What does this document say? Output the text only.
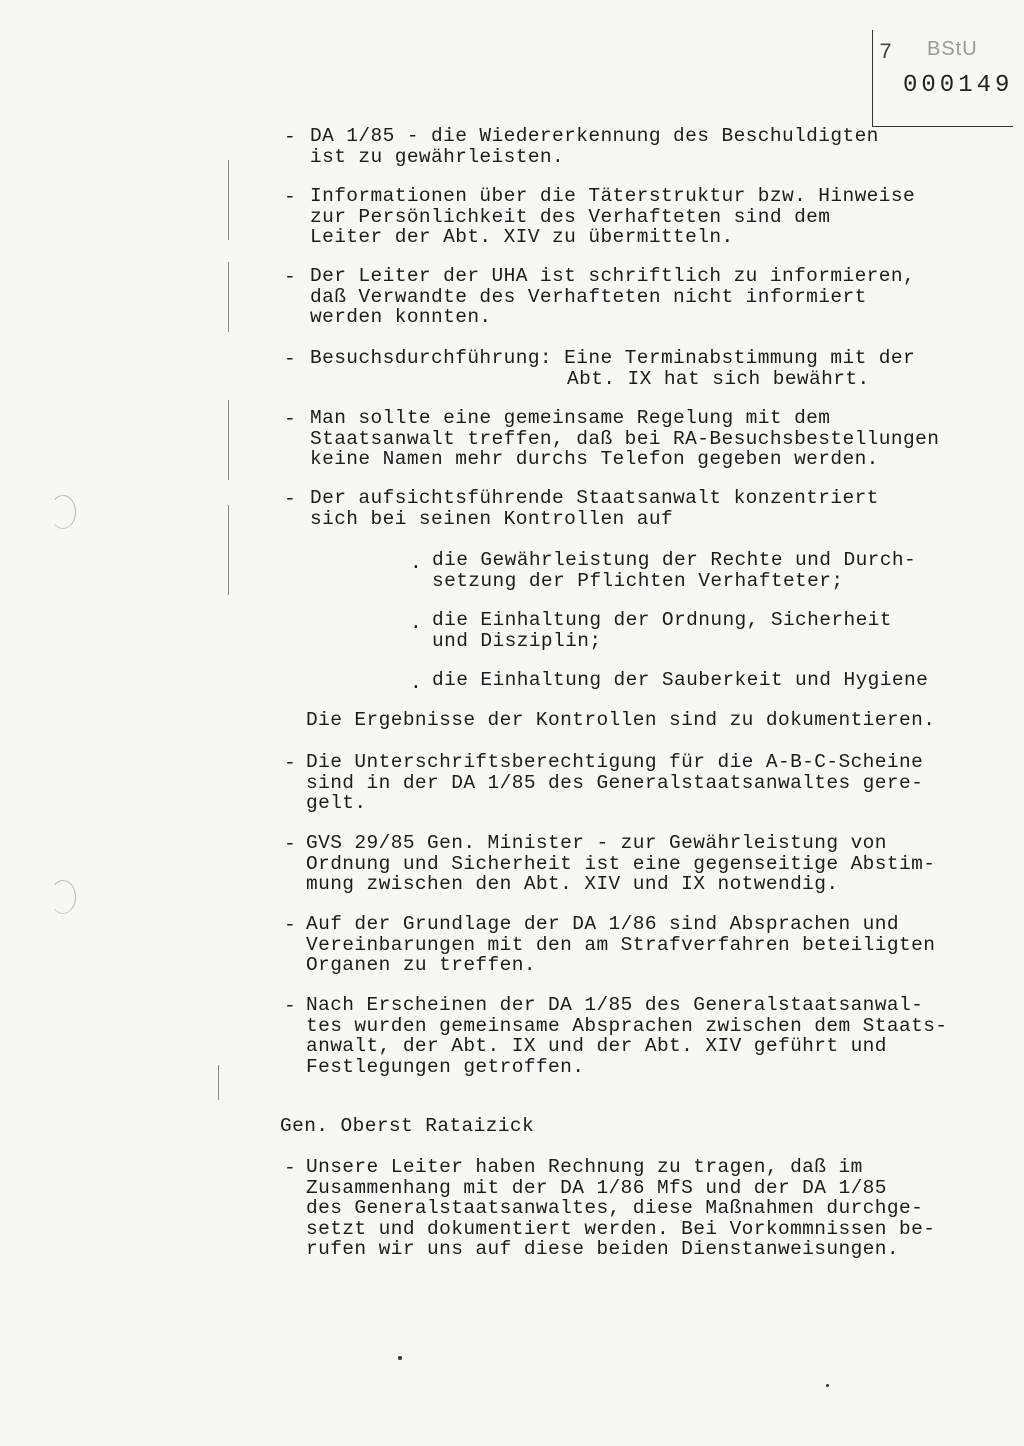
7 BStU
000149
- DA 1/85 - die Wiedererkennung des Beschuldigten
ist zu gewährleisten.
- Informationen über die Täterstruktur bzw. Hinweise
zur Persönlichkeit des Verhafteten sind dem
Leiter der Abt. XIV zu übermitteln.
- Der Leiter der UHA ist schriftlich zu informieren,
daß Verwandte des Verhafteten nicht informiert
werden konnten.
- Besuchsdurchführung: Eine Terminabstimmung mit der
Abt. IX hat sich bewährt.
- Man sollte eine gemeinsame Regelung mit dem
Staatsanwalt treffen, daß bei RA-Besuchsbestellungen
keine Namen mehr durchs Telefon gegeben werden.
- Der aufsichtsführende Staatsanwalt konzentriert
sich bei seinen Kontrollen auf
. die Gewährleistung der Rechte und Durch-
setzung der Pflichten Verhafteter;
. die Einhaltung der Ordnung, Sicherheit
und Disziplin;
. die Einhaltung der Sauberkeit und Hygiene
Die Ergebnisse der Kontrollen sind zu dokumentieren.
- Die Unterschriftsberechtigung für die A-B-C-Scheine
sind in der DA 1/85 des Generalstaatsanwaltes gere-
gelt.
- GVS 29/85 Gen. Minister - zur Gewährleistung von
Ordnung und Sicherheit ist eine gegenseitige Abstim-
mung zwischen den Abt. XIV und IX notwendig.
- Auf der Grundlage der DA 1/86 sind Absprachen und
Vereinbarungen mit den am Strafverfahren beteiligten
Organen zu treffen.
- Nach Erscheinen der DA 1/85 des Generalstaatsanwal-
tes wurden gemeinsame Absprachen zwischen dem Staats-
anwalt, der Abt. IX und der Abt. XIV geführt und
Festlegungen getroffen.
Gen. Oberst Rataizick
- Unsere Leiter haben Rechnung zu tragen, daß im
Zusammenhang mit der DA 1/86 MfS und der DA 1/85
des Generalstaatsanwaltes, diese Maßnahmen durchge-
setzt und dokumentiert werden. Bei Vorkommnissen be-
rufen wir uns auf diese beiden Dienstanweisungen.
